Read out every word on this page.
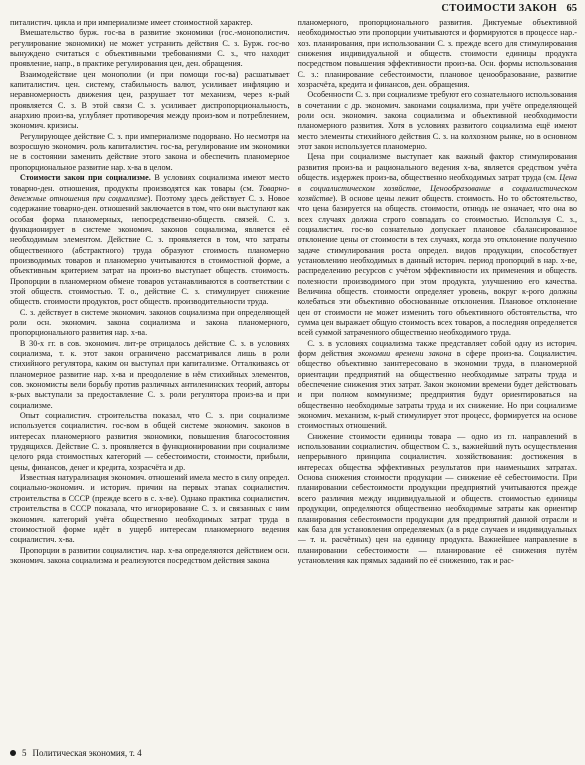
СТОИМОСТИ ЗАКОН 65

питалистич. цикла и при империализме имеет стоимостной характер.

Вмешательство бурж. гос-ва в развитие экономики (гос.-монополистич. регулирование экономики) не может устранить действия С. з. Бурж. гос-во вынуждено считаться с объективными требованиями С. з., что находит проявление, напр., в практике регулирования цен, ден. обращения.

Взаимодействие цен монополии (и при помощи гос-ва) расшатывает капиталистич. цен. систему, стабильность валют, усиливает инфляцию и неравномерность движения цен, разрушает тот механизм, через к-рый проявляется С. з. В этой связи С. з. усиливает диспропорциональность, анархию произ-ва, углубляет противоречия между произ-вом и потреблением, экономич. кризисы.

Регулирующее действие С. з. при империализме подорвано. Но несмотря на возросшую экономич. роль капиталистич. гос-ва, регулирование им экономики не в состоянии заменить действие этого закона и обеспечить планомерное пропорциональное развитие нар. х-ва в целом.

Стоимости закон при социализме. В условиях социализма имеют место товарно-ден. отношения, продукты производятся как товары (см. Товарно-денежные отношения при социализме). Поэтому здесь действует С. з. Новое содержание товарно-ден. отношений заключается в том, что они выступают как особая форма планомерных, непосредственно-обществ. связей. С. з. функционирует в системе экономич. законов социализма, является её необходимым элементом. Действие С. з. проявляется в том, что затраты общественного (абстрактного) труда образуют стоимость планомерно производимых товаров и планомерно учитываются в стоимостной форме, а объективным критерием затрат на произ-во выступает обществ. стоимость. Пропорции в планомерном обмене товаров устанавливаются в соответствии с этой обществ. стоимостью. Т. о., действие С. з. стимулирует снижение обществ. стоимости продуктов, рост обществ. производительности труда.

С. з. действует в системе экономич. законов социализма при определяющей роли осн. экономич. закона социализма и закона планомерного, пропорционального развития нар. х-ва.

В 30-х гг. в сов. экономич. лит-ре отрицалось действие С. з. в условиях социализма, т. к. этот закон ограничено рассматривался лишь в роли стихийного регулятора, каким он выступал при капитализме. Отталкиваясь от планомерное развитие нар. х-ва и преодоление в нём стихийных элементов, сов. экономисты вели борьбу против различных антиленинских теорий, авторы к-рых выступали за предоставление С. з. роли регулятора произ-ва и при социализме.

Опыт социалистич. строительства показал, что С. з. при социализме используется социалистич. гос-вом в общей системе экономич. законов в интересах планомерного развития экономики, повышения благосостояния трудящихся. Действие С. з. проявляется в функционировании при социализме целого ряда стоимостных категорий — себестоимости, стоимости, прибыли, цены, финансов, денег и кредита, хозрасчёта и др.

Известная натурализация экономич. отношений имела место в силу определ. социально-экономич. и историч. причин на первых этапах социалистич. строительства в СССР (прежде всего в с. х-ве). Однако практика социалистич. строительства в СССР показала, что игнорирование С. з. и связанных с ним экономич. категорий учёта общественно необходимых затрат труда в стоимостной форме идёт в ущерб интересам планомерного ведения социалистич. х-ва.

Пропорции в развитии социалистич. нар. х-ва определяются действием осн. экономич. закона социализма и реализуются посредством действия закона

планомерного, пропорционального развития. Диктуемые объективной необходимостью эти пропорции учитываются и формируются в процессе нар.-хоз. планирования, при использовании С. з. прежде всего для стимулирования снижения индивидуальной и обществ. стоимости единицы продукта посредством повышения эффективности произ-ва. Осн. формы использования С. з.: планирование себестоимости, плановое ценообразование, развитие хозрасчёта, кредита и финансов, ден. обращения.

Особенности С. з. при социализме требуют его сознательного использования в сочетании с др. экономич. законами социализма, при учёте определяющей роли осн. экономич. закона социализма и объективной необходимости планомерного развития. Хотя в условиях развитого социализма ещё имеют место элементы стихийного действия С. з. на колхозном рынке, но в основном этот закон используется планомерно.

Цена при социализме выступает как важный фактор стимулирования развития произ-ва и рационального ведения х-ва, является средством учёта обществ. издержек произ-ва, общественно необходимых затрат труда (см. Цена в социалистическом хозяйстве, Ценообразование в социалистическом хозяйстве). В основе цены лежит обществ. стоимость. Но то обстоятельство, что цена базируется на обществ. стоимости, отнюдь не означает, что она во всех случаях должна строго совпадать со стоимостью. Используя С. з., социалистич. гос-во сознательно допускает плановое сбалансированное отклонение цены от стоимости в тех случаях, когда это отклонение полученно задаче стимулирования роста определ. видов продукции, способствует установлению необходимых в данный историч. период пропорций в нар. х-ве, распределению ресурсов с учётом эффективности их применения и обществ. полезности производимого при этом продукта, улучшению его качества. Величина обществ. стоимости определяет уровень, вокруг к-рого должны колебаться эти объективно обоснованные отклонения. Плановое отклонение цен от стоимости не может изменить того объективного обстоятельства, что сумма цен выражает общую стоимость всех товаров, а последняя определяется всей суммой затраченного общественно необходимого труда.

С. з. в условиях социализма также представляет собой одну из историч. форм действия экономии времени закона в сфере произ-ва. Социалистич. общество объективно заинтересовано в экономии труда, в планомерной ориентации предприятий на общественно необходимые затраты труда и обеспечение снижения этих затрат. Закон экономии времени будет действовать и при полном коммунизме; предприятия будут ориентироваться на общественно необходимые затраты труда и их снижение. Но при социализме экономич. механизм, к-рый стимулирует этот процесс, формируется на основе стоимостных отношений.

Снижение стоимости единицы товара — одно из гл. направлений в использовании социалистич. обществом С. з., важнейший путь осуществления непрерывного принципа социалистич. хозяйствования: достижения в интересах общества эффективных результатов при наименьших затратах. Основа снижения стоимости продукции — снижение её себестоимости. При планировании себестоимости продукции предприятий учитываются прежде всего различия между индивидуальной и обществ. стоимостью единицы продукции, определяются общественно необходимые затраты как ориентир планирования себестоимости продукции для предприятий данной отрасли и как база для установления определяемых (а в ряде случаев и индивидуальных — т. н. расчётных) цен на единицу продукта. Важнейшее направление в планировании себестоимости — планирование её снижения путём установления как прямых заданий по её снижению, так и рас-

5 Политическая экономия, т. 4
